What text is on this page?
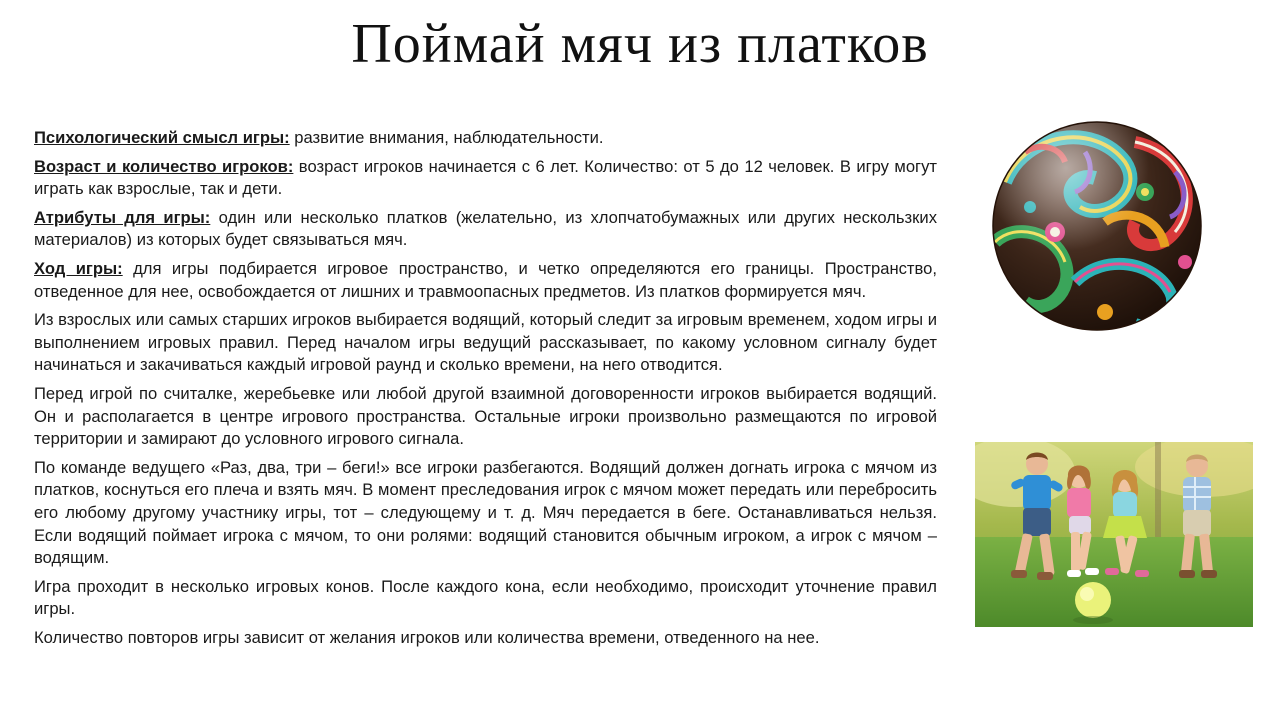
Поймай мяч из платков

Психологический смысл игры: развитие внимания, наблюдательности.

Возраст и количество игроков: возраст игроков начинается с 6 лет. Количество: от 5 до 12 человек. В игру могут играть как взрослые, так и дети.

Атрибуты для игры: один или несколько платков (желательно, из хлопчатобумажных или других нескользких материалов) из которых будет связываться мяч.

Ход игры: для игры подбирается игровое пространство, и четко определяются его границы. Пространство, отведенное для нее, освобождается от лишних и травмоопасных предметов. Из платков формируется мяч.

Из взрослых или самых старших игроков выбирается водящий, который следит за игровым временем, ходом игры и выполнением игровых правил. Перед началом игры ведущий рассказывает, по какому условном сигналу будет начинаться и закачиваться каждый игровой раунд и сколько времени, на него отводится.

Перед игрой по считалке, жеребьевке или любой другой взаимной договоренности игроков выбирается водящий. Он и располагается в центре игрового пространства. Остальные игроки произвольно размещаются по игровой территории и замирают до условного игрового сигнала.

По команде ведущего «Раз, два, три – беги!» все игроки разбегаются. Водящий должен догнать игрока с мячом из платков, коснуться его плеча и взять мяч. В момент преследования игрок с мячом может передать или перебросить его любому другому участнику игры, тот – следующему и т. д. Мяч передается в беге. Останавливаться нельзя. Если водящий поймает игрока с мячом, то они ролями: водящий становится обычным игроком, а игрок с мячом – водящим.

Игра проходит в несколько игровых конов. После каждого кона, если необходимо, происходит уточнение правил игры.

Количество повторов игры зависит от желания игроков или количества времени, отведенного на нее.
